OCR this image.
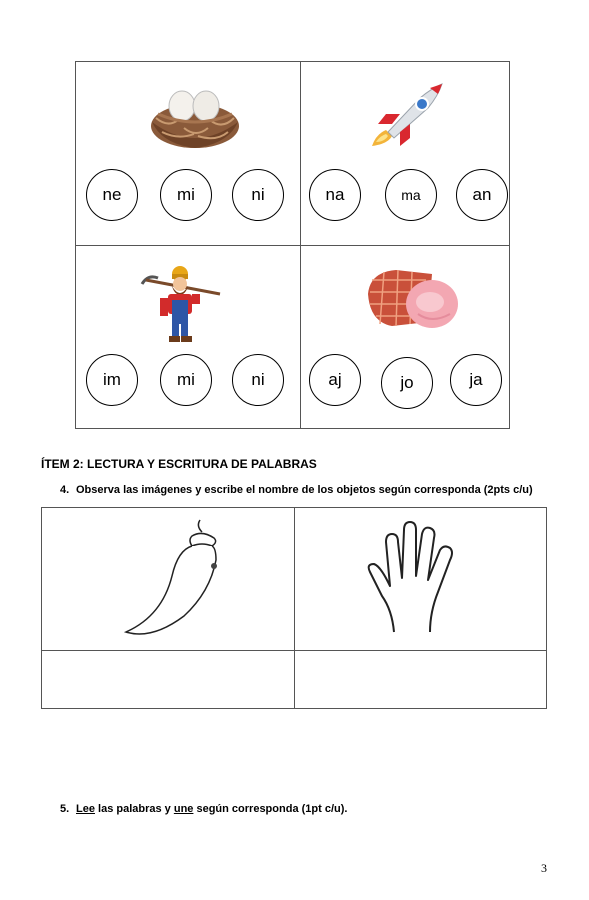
ne	mi	ni	na	ma	an
im	mi	ni	aj	jo	ja
ÍTEM 2: LECTURA Y ESCRITURA DE PALABRAS
4. Observa las imágenes y escribe el nombre de los objetos según corresponda (2pts c/u)
5. Lee las palabras y une según corresponda (1pt c/u).
3
